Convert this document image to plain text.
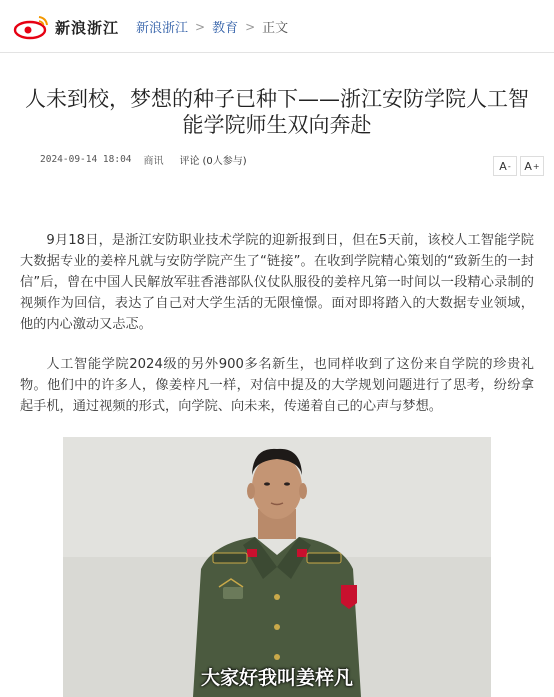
新浪浙江 新浪浙江 > 教育 > 正文
人未到校，梦想的种子已种下——浙江安防学院人工智能学院师生双向奔赴
2024-09-14 18:04 商讯 评论 (0人参与)	A - A +

9月18日，是浙江安防职业技术学院的迎新报到日，但在5天前，该校人工智能学院大数据专业的姜梓凡就与安防学院产生了“链接”。在收到学院精心策划的“致新生的一封信”后，曾在中国人民解放军驻香港部队仪仗队服役的姜梓凡第一时间以一段精心录制的视频作为回信，表达了自己对大学生活的无限憧憬。面对即将踏入的大数据专业领域，他的内心激动又忐忑。

人工智能学院2024级的另外900多名新生，也同样收到了这份来自学院的珍贵礼物。他们中的许多人，像姜梓凡一样，对信中提及的大学规划问题进行了思考，纷纷拿起手机，通过视频的形式，向学院、向未来，传递着自己的心声与梦想。

大家好我叫姜梓凡
